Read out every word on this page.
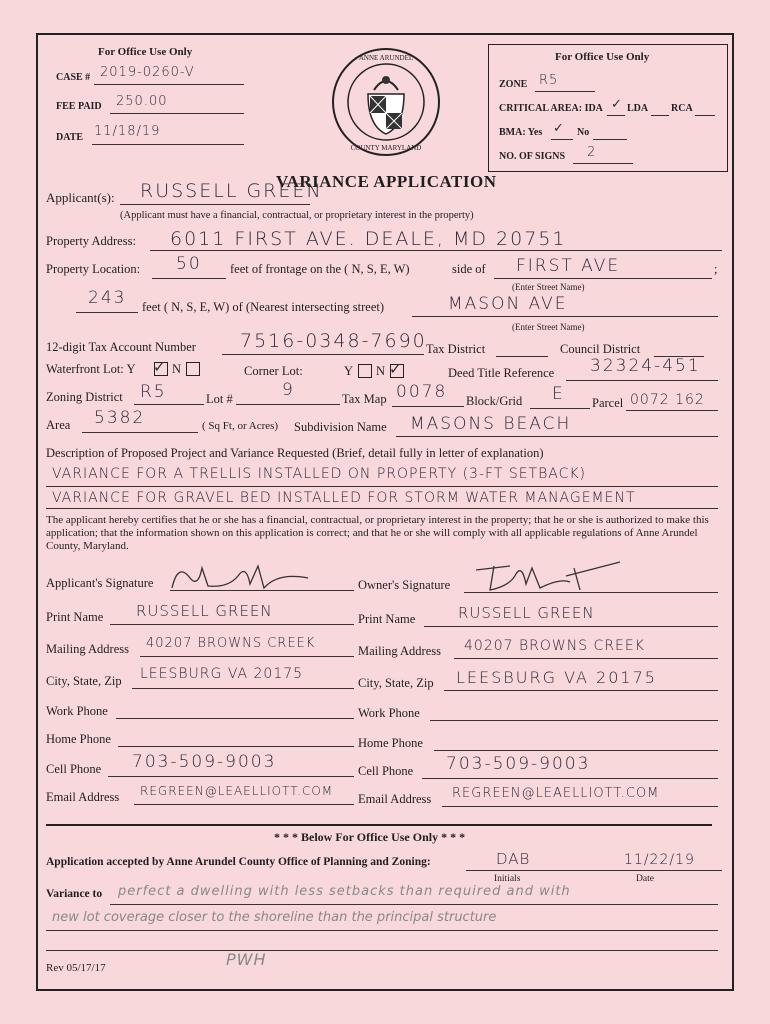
For Office Use Only
CASE # 2019-0260-V
FEE PAID 250.00
DATE 11/18/19
ANNE ARUNDEL
COUNTY MARYLAND
For Office Use Only
ZONE R5
CRITICAL AREA: IDA ✓ LDA RCA
BMA: Yes ✓ No
NO. OF SIGNS 2
VARIANCE APPLICATION
Applicant(s): RUSSELL GREEN
(Applicant must have a financial, contractual, or proprietary interest in the property)
Property Address: 6011 FIRST AVE. DEALE, MD 20751
Property Location: 50 feet of frontage on the ( N, S, E, W)	side of FIRST AVE	;
(Enter Street Name)
243 feet ( N, S, E, W) of (Nearest intersecting street)	MASON AVE
(Enter Street Name)
12-digit Tax Account Number 7516-0348-7690 Tax District	Council District
Waterfront Lot: Y ✓ N	Corner Lot:	Y N ✓	Deed Title Reference 32324-451
Zoning District R5	Lot #	9	Tax Map 0078 Block/Grid E Parcel 0072 162
Area 5382	( Sq Ft, or Acres) Subdivision Name MASONS BEACH
Description of Proposed Project and Variance Requested (Brief, detail fully in letter of explanation)
VARIANCE FOR A TRELLIS INSTALLED ON PROPERTY (3-FT SETBACK)
VARIANCE FOR GRAVEL BED INSTALLED FOR STORM WATER MANAGEMENT
The applicant hereby certifies that he or she has a financial, contractual, or proprietary interest in the property; that he or she is authorized to make this application; that the information shown on this application is correct; and that he or she will comply with all applicable regulations of Anne Arundel County, Maryland.
Applicant's Signature	Owner's Signature
Print Name RUSSELL GREEN	Print Name	RUSSELL GREEN
Mailing Address 40207 BROWNS CREEK	Mailing Address 40207 BROWNS CREEK
City, State, Zip LEESBURG VA 20175
City, State, Zip LEESBURG VA 20175
Work Phone	Work Phone
Home Phone	Home Phone
Cell Phone 703-509-9003	Cell Phone 703-509-9003
Email Address REGREEN@LEAELLIOTT.COM
Email Address REGREEN@LEAELLIOTT.COM
* * * Below For Office Use Only * * *
Application accepted by Anne Arundel County Office of Planning and Zoning:	DAB	11/22/19
Initials	Date
Variance to perfect a dwelling with less setbacks than required and with
new lot coverage closer to the shoreline than the principal structure
PWH
Rev 05/17/17
